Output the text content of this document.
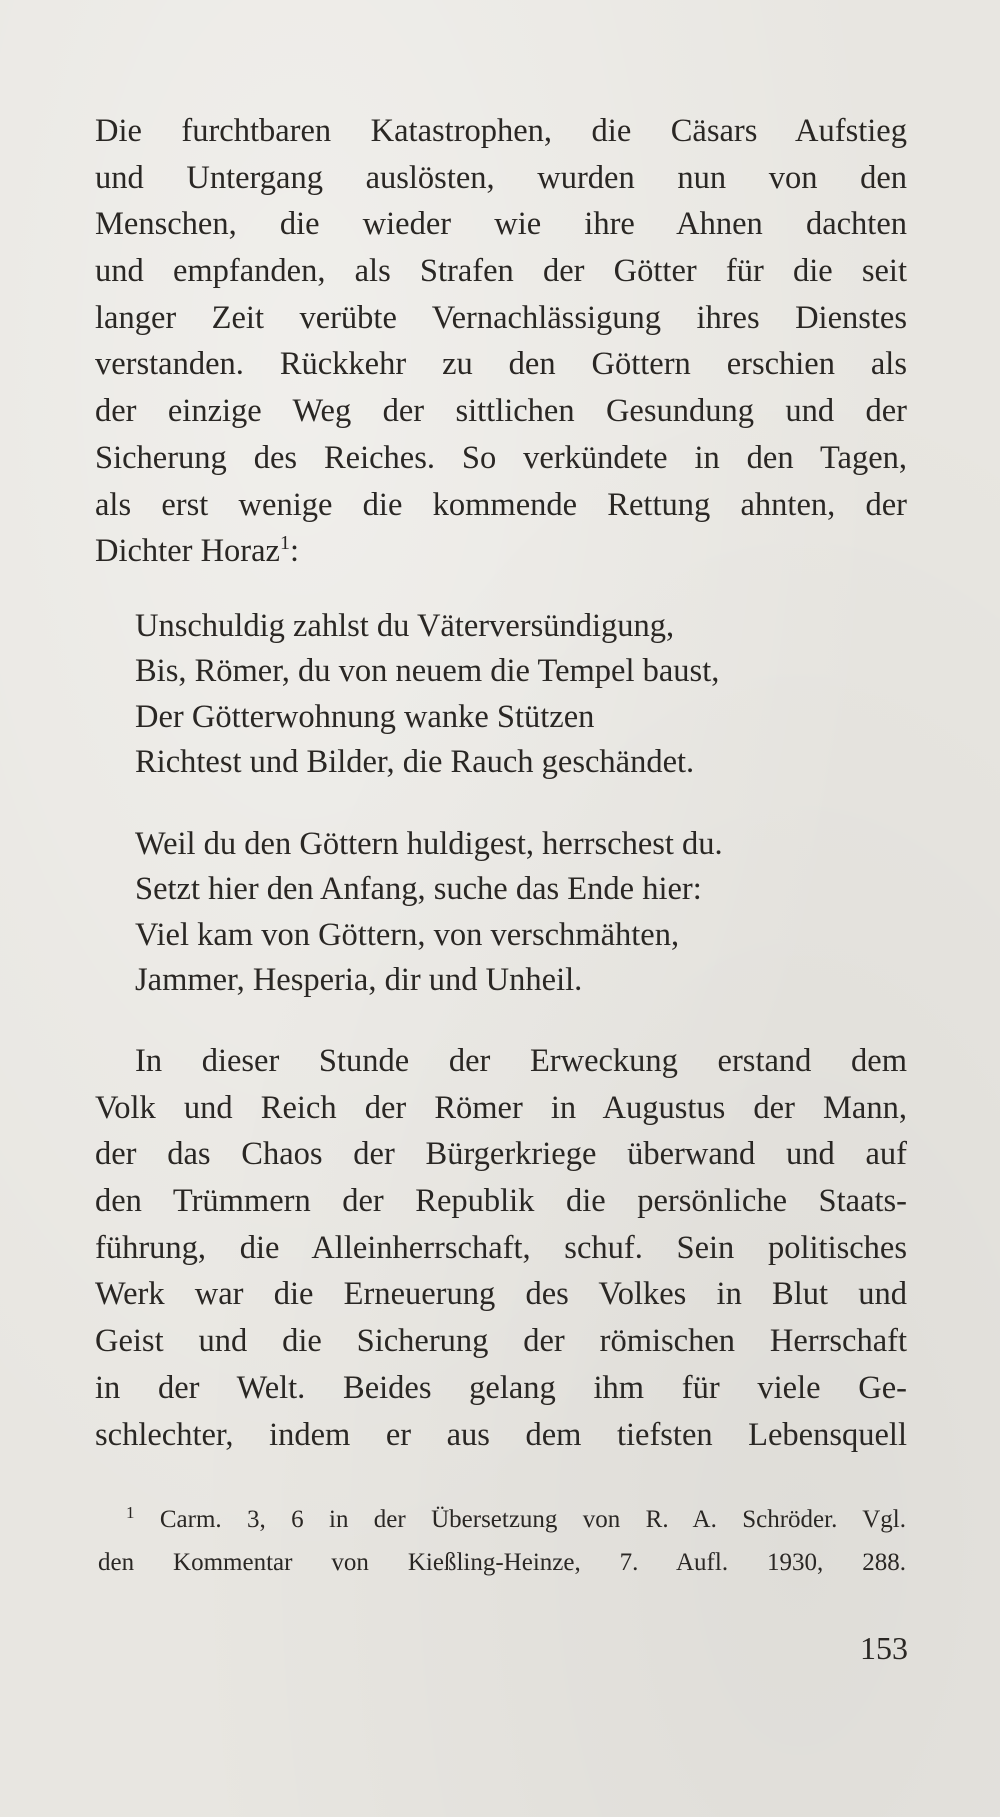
Die furchtbaren Katastrophen, die Cäsars Aufstieg
und Untergang auslösten, wurden nun von den
Menschen, die wieder wie ihre Ahnen dachten
und empfanden, als Strafen der Götter für die seit
langer Zeit verübte Vernachlässigung ihres Dienstes
verstanden. Rückkehr zu den Göttern erschien als
der einzige Weg der sittlichen Gesundung und der
Sicherung des Reiches. So verkündete in den Tagen,
als erst wenige die kommende Rettung ahnten, der
Dichter Horaz$^1$:
Unschuldig zahlst du Väterversündigung,
Bis, Römer, du von neuem die Tempel baust,
Der Götterwohnung wanke Stützen
Richtest und Bilder, die Rauch geschändet.
Weil du den Göttern huldigest, herrschest du.
Setzt hier den Anfang, suche das Ende hier:
Viel kam von Göttern, von verschmähten,
Jammer, Hesperia, dir und Unheil.
In dieser Stunde der Erweckung erstand dem
Volk und Reich der Römer in Augustus der Mann,
der das Chaos der Bürgerkriege überwand und auf
den Trümmern der Republik die persönliche Staats-
führung, die Alleinherrschaft, schuf. Sein politisches
Werk war die Erneuerung des Volkes in Blut und
Geist und die Sicherung der römischen Herrschaft
in der Welt. Beides gelang ihm für viele Ge-
schlechter, indem er aus dem tiefsten Lebensquell
$^1$ Carm. 3, 6 in der Übersetzung von R. A. Schröder. Vgl.
den Kommentar von Kießling-Heinze, 7. Aufl. 1930, 288.
153
